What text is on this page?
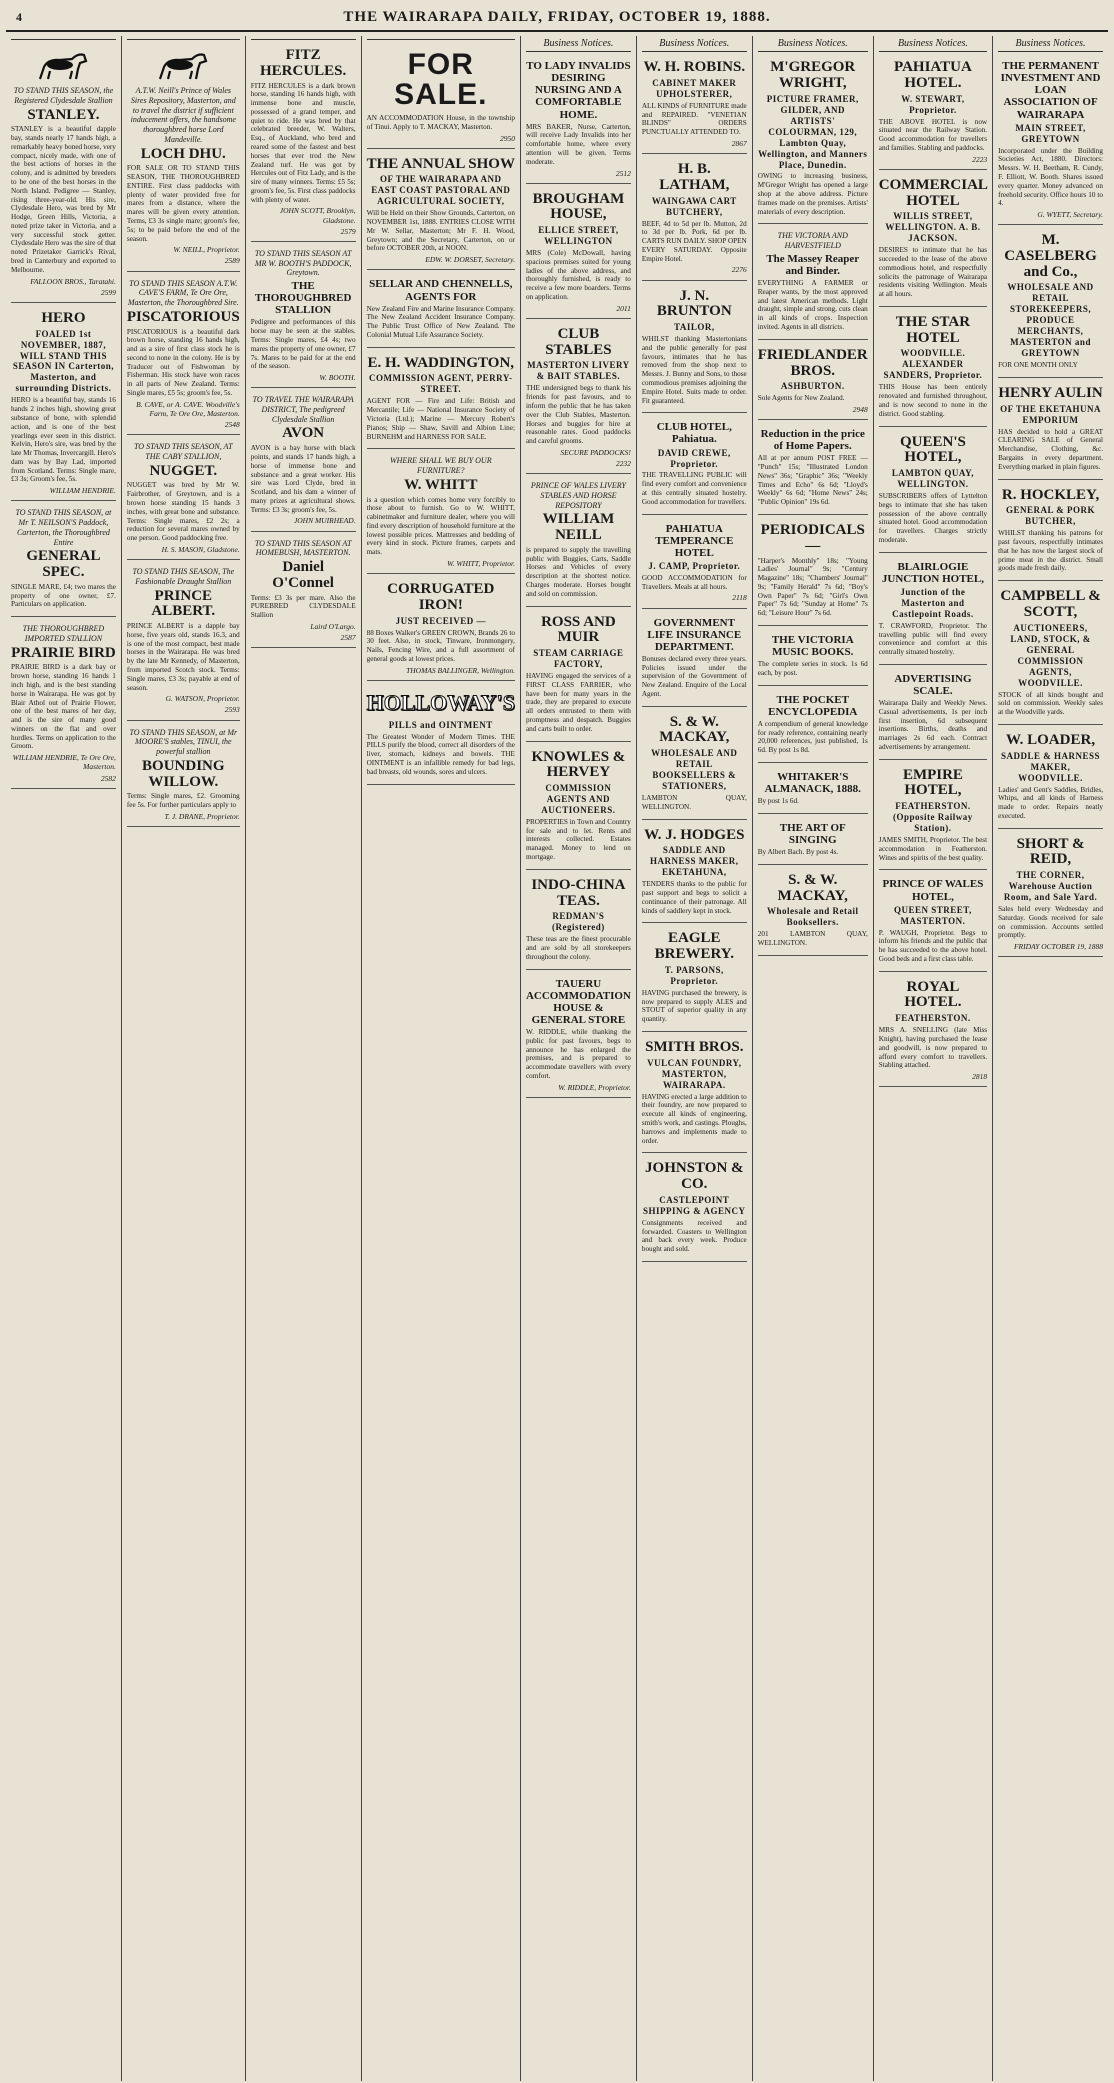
4	THE WAIRARAPA DAILY, FRIDAY, OCTOBER 19, 1888.
TO STAND THIS SEASON, the Registered Clydesdale Stallion
STANLEY.
STANLEY is a beautiful dapple bay, stands nearly 17 hands high, a remarkably heavy boned horse, very compact, nicely made, with one of the best actions of horses in the colony, and is admitted by breeders to be one of the best horses in the North Island. Pedigree — Stanley, rising three-year-old. His sire, Clydesdale Hero, was bred by Mr Hodge, Green Hills, Victoria, a noted prize taker in Victoria, and a very successful stock getter. Clydesdale Hero was the sire of that noted Prizetaker Garrick's Rival, bred in Canterbury and exported to Melbourne.
FALLOON BROS., Taratahi.
2599
HERO
FOALED 1st NOVEMBER, 1887, WILL STAND THIS SEASON IN Carterton, Masterton, and surrounding Districts.
HERO is a beautiful bay, stands 16 hands 2 inches high, showing great substance of bone, with splendid action, and is one of the best yearlings ever seen in this district. Kelvin, Hero's sire, was bred by the late Mr Thomas, Invercargill. Hero's dam was by Bay Lad, imported from Scotland. Terms: Single mare, £3 3s; Groom's fee, 5s.
WILLIAM HENDRIE.
TO STAND THIS SEASON, at Mr T. NEILSON'S Paddock, Carterton, the Thoroughbred Entire
GENERAL SPEC.
SINGLE MARE, £4; two mares the property of one owner, £7. Particulars on application.
THE THOROUGHBRED IMPORTED STALLION
PRAIRIE BIRD
PRAIRIE BIRD is a dark bay or brown horse, standing 16 hands 1 inch high, and is the best standing horse in Wairarapa. He was got by Blair Athol out of Prairie Flower, one of the best mares of her day, and is the sire of many good winners on the flat and over hurdles. Terms on application to the Groom.
WILLIAM HENDRIE, Te Ore Ore, Masterton.
2582
A.T.W. Neill's Prince of Wales Sires Repository, Masterton, and to travel the district if sufficient inducement offers, the handsome thoroughbred horse Lord Mandeville.
LOCH DHU.
FOR SALE OR TO STAND THIS SEASON, THE THOROUGHBRED ENTIRE. First class paddocks with plenty of water provided free for mares from a distance, where the mares will be given every attention. Terms, £3 3s single mare; groom's fee, 5s; to be paid before the end of the season.
W. NEILL, Proprietor.
2589
TO STAND THIS SEASON A.T.W. CAVE'S FARM, Te Ore Ore, Masterton, the Thoroughbred Sire.
PISCATORIOUS
PISCATORIOUS is a beautiful dark brown horse, standing 16 hands high, and as a sire of first class stock he is second to none in the colony. He is by Traducer out of Fishwoman by Fisherman. His stock have won races in all parts of New Zealand. Terms: Single mares, £5 5s; groom's fee, 5s.
B. CAVE, or A. CAVE. Woodville's Farm, Te Ore Ore, Masterton.
2548
TO STAND THIS SEASON, AT THE CABY STALLION,
NUGGET.
NUGGET was bred by Mr W. Fairbrother, of Greytown, and is a brown horse standing 15 hands 3 inches, with great bone and substance. Terms: Single mares, £2 2s; a reduction for several mares owned by one person. Good paddocking free.
H. S. MASON, Gladstone.
TO STAND THIS SEASON, The Fashionable Draught Stallion
PRINCE ALBERT.
PRINCE ALBERT is a dapple bay horse, five years old, stands 16.3, and is one of the most compact, best made horses in the Wairarapa. He was bred by the late Mr Kennedy, of Masterton, from imported Scotch stock. Terms: Single mares, £3 3s; payable at end of season.
G. WATSON, Proprietor.
2593
TO STAND THIS SEASON, at Mr MOORE'S stables, TINUI, the powerful stallion
BOUNDING WILLOW.
Terms: Single mares, £2. Grooming fee 5s. For further particulars apply to
T. J. DRANE, Proprietor.
FITZ HERCULES.
FITZ HERCULES is a dark brown horse, standing 16 hands high, with immense bone and muscle, possessed of a grand temper, and quiet to ride. He was bred by that celebrated breeder, W. Walters, Esq., of Auckland, who bred and reared some of the fastest and best horses that ever trod the New Zealand turf. He was got by Hercules out of Fitz Lady, and is the sire of many winners. Terms: £5 5s; groom's fee, 5s. First class paddocks with plenty of water.
JOHN SCOTT, Brooklyn, Gladstone.
2579
TO STAND THIS SEASON AT MR W. BOOTH'S PADDOCK, Greytown.
THE THOROUGHBRED STALLION
Pedigree and performances of this horse may be seen at the stables. Terms: Single mares, £4 4s; two mares the property of one owner, £7 7s. Mares to be paid for at the end of the season.
W. BOOTH.
TO TRAVEL THE WAIRARAPA DISTRICT, The pedigreed Clydesdale Stallion
AVON
AVON is a bay horse with black points, and stands 17 hands high, a horse of immense bone and substance and a great worker. His sire was Lord Clyde, bred in Scotland, and his dam a winner of many prizes at agricultural shows. Terms: £3 3s; groom's fee, 5s.
JOHN MUIRHEAD.
TO STAND THIS SEASON AT HOMEBUSH, MASTERTON.
Daniel O'Connel
Terms: £3 3s per mare. Also the PUREBRED CLYDESDALE Stallion
Laird O'Largo.
2587
FOR SALE.
AN ACCOMMODATION House, in the township of Tinui. Apply to T. MACKAY, Masterton.
2950
THE ANNUAL SHOW
OF THE WAIRARAPA AND EAST COAST PASTORAL AND AGRICULTURAL SOCIETY,
Will be Held on their Show Grounds, Carterton, on NOVEMBER 1st, 1888. ENTRIES CLOSE WITH Mr W. Sellar, Masterton; Mr F. H. Wood, Greytown; and the Secretary, Carterton, on or before OCTOBER 20th, at NOON.
EDW. W. DORSET, Secretary.
SELLAR AND CHENNELLS, AGENTS FOR
New Zealand Fire and Marine Insurance Company. The New Zealand Accident Insurance Company. The Public Trust Office of New Zealand. The Colonial Mutual Life Assurance Society.
E. H. WADDINGTON,
COMMISSION AGENT, PERRY-STREET.
AGENT FOR — Fire and Life: British and Mercantile; Life — National Insurance Society of Victoria (Ltd.); Marine — Mercury Robert's Pianos; Ship — Shaw, Savill and Albion Line; BURNEHM and HARNESS FOR SALE.
WHERE SHALL WE BUY OUR FURNITURE?
W. WHITT
is a question which comes home very forcibly to those about to furnish. Go to W. WHITT, cabinetmaker and furniture dealer, where you will find every description of household furniture at the lowest possible prices. Mattresses and bedding of every kind in stock. Picture frames, carpets and mats.
W. WHITT, Proprietor.
CORRUGATED IRON!
JUST RECEIVED —
88 Boxes Walker's GREEN CROWN, Brands 26 to 30 feet. Also, in stock, Tinware, Ironmongery, Nails, Fencing Wire, and a full assortment of general goods at lowest prices.
THOMAS BALLINGER, Wellington.
HOLLOWAY'S
PILLS and OINTMENT
The Greatest Wonder of Modern Times. THE PILLS purify the blood, correct all disorders of the liver, stomach, kidneys and bowels. THE OINTMENT is an infallible remedy for bad legs, bad breasts, old wounds, sores and ulcers.
Business Notices.
TO LADY INVALIDS DESIRING NURSING AND A COMFORTABLE HOME.
MRS BAKER, Nurse, Carterton, will receive Lady Invalids into her comfortable home, where every attention will be given. Terms moderate.
2512
BROUGHAM HOUSE,
ELLICE STREET, WELLINGTON
MRS (Cole) McDowall, having spacious premises suited for young ladies of the above address, and thoroughly furnished, is ready to receive a few more boarders. Terms on application.
2011
CLUB STABLES
MASTERTON LIVERY & BAIT STABLES.
THE undersigned begs to thank his friends for past favours, and to inform the public that he has taken over the Club Stables, Masterton. Horses and buggies for hire at reasonable rates. Good paddocks and careful grooms.
SECURE PADDOCKS!
2232
PRINCE OF WALES LIVERY STABLES AND HORSE REPOSITORY
WILLIAM NEILL
is prepared to supply the travelling public with Buggies, Carts, Saddle Horses and Vehicles of every description at the shortest notice. Charges moderate. Horses bought and sold on commission.
ROSS AND MUIR
STEAM CARRIAGE FACTORY,
HAVING engaged the services of a FIRST CLASS FARRIER, who have been for many years in the trade, they are prepared to execute all orders entrusted to them with promptness and despatch. Buggies and carts built to order.
KNOWLES & HERVEY
COMMISSION AGENTS AND AUCTIONEERS.
PROPERTIES in Town and Country for sale and to let. Rents and interests collected. Estates managed. Money to lend on mortgage.
INDO-CHINA TEAS.
REDMAN'S (Registered)
These teas are the finest procurable and are sold by all storekeepers throughout the colony.
TAUERU ACCOMMODATION HOUSE & GENERAL STORE
W. RIDDLE, while thanking the public for past favours, begs to announce he has enlarged the premises, and is prepared to accommodate travellers with every comfort.
W. RIDDLE, Proprietor.
Business Notices.
W. H. ROBINS.
CABINET MAKER UPHOLSTERER,
ALL KINDS of FURNITURE made and REPAIRED. "VENETIAN BLINDS" ORDERS PUNCTUALLY ATTENDED TO.
2867
H. B. LATHAM,
WAINGAWA CART BUTCHERY,
BEEF, 4d to 5d per lb. Mutton, 2d to 3d per lb. Pork, 6d per lb. CARTS RUN DAILY. SHOP OPEN EVERY SATURDAY. Opposite Empire Hotel.
2276
J. N. BRUNTON
TAILOR,
WHILST thanking Mastertonians and the public generally for past favours, intimates that he has removed from the shop next to Messrs. J. Bunny and Sons, to those commodious premises adjoining the Empire Hotel. Suits made to order. Fit guaranteed.
CLUB HOTEL, Pahiatua.
DAVID CREWE, Proprietor.
THE TRAVELLING PUBLIC will find every comfort and convenience at this centrally situated hostelry. Good accommodation for travellers.
PAHIATUA TEMPERANCE HOTEL
J. CAMP, Proprietor.
GOOD ACCOMMODATION for Travellers. Meals at all hours.
2118
GOVERNMENT LIFE INSURANCE DEPARTMENT.
Bonuses declared every three years. Policies issued under the supervision of the Government of New Zealand. Enquire of the Local Agent.
S. & W. MACKAY,
WHOLESALE AND RETAIL BOOKSELLERS & STATIONERS,
LAMBTON QUAY, WELLINGTON.
W. J. HODGES
SADDLE AND HARNESS MAKER, EKETAHUNA,
TENDERS thanks to the public for past support and begs to solicit a continuance of their patronage. All kinds of saddlery kept in stock.
EAGLE BREWERY.
T. PARSONS, Proprietor.
HAVING purchased the brewery, is now prepared to supply ALES and STOUT of superior quality in any quantity.
SMITH BROS.
VULCAN FOUNDRY, MASTERTON, WAIRARAPA.
HAVING erected a large addition to their foundry, are now prepared to execute all kinds of engineering, smith's work, and castings. Ploughs, harrows and implements made to order.
JOHNSTON & CO.
CASTLEPOINT SHIPPING & AGENCY
Consignments received and forwarded. Coasters to Wellington and back every week. Produce bought and sold.
Business Notices.
M'GREGOR WRIGHT,
PICTURE FRAMER, GILDER, AND ARTISTS' COLOURMAN, 129, Lambton Quay, Wellington, and Manners Place, Dunedin.
OWING to increasing business, M'Gregor Wright has opened a large shop at the above address. Picture frames made on the premises. Artists' materials of every description.
THE VICTORIA AND HARVESTFIELD
The Massey Reaper and Binder.
EVERYTHING A FARMER or Reaper wants, by the most approved and latest American methods. Light draught, simple and strong, cuts clean in all kinds of crops. Inspection invited. Agents in all districts.
FRIEDLANDER BROS.
ASHBURTON.
Sole Agents for New Zealand.
2948
Reduction in the price of Home Papers.
All at per annum POST FREE — "Punch" 15s; "Illustrated London News" 36s; "Graphic" 36s; "Weekly Times and Echo" 6s 6d; "Lloyd's Weekly" 6s 6d; "Home News" 24s; "Public Opinion" 19s 6d.
PERIODICALS —
"Harper's Monthly" 18s; "Young Ladies' Journal" 9s; "Century Magazine" 18s; "Chambers' Journal" 9s; "Family Herald" 7s 6d; "Boy's Own Paper" 7s 6d; "Girl's Own Paper" 7s 6d; "Sunday at Home" 7s 6d; "Leisure Hour" 7s 6d.
THE VICTORIA MUSIC BOOKS.
The complete series in stock. 1s 6d each, by post.
THE POCKET ENCYCLOPEDIA
A compendium of general knowledge for ready reference, containing nearly 20,000 references, just published, 1s 6d. By post 1s 8d.
WHITAKER'S ALMANACK, 1888.
By post 1s 6d.
THE ART OF SINGING
By Albert Bach. By post 4s.
S. & W. MACKAY,
Wholesale and Retail Booksellers.
201 LAMBTON QUAY, WELLINGTON.
Business Notices.
PAHIATUA HOTEL.
W. STEWART, Proprietor.
THE ABOVE HOTEL is now situated near the Railway Station. Good accommodation for travellers and families. Stabling and paddocks.
2223
COMMERCIAL HOTEL
WILLIS STREET, WELLINGTON. A. B. JACKSON.
DESIRES to intimate that he has succeeded to the lease of the above commodious hotel, and respectfully solicits the patronage of Wairarapa residents visiting Wellington. Meals at all hours.
THE STAR HOTEL
WOODVILLE. ALEXANDER SANDERS, Proprietor.
THIS House has been entirely renovated and furnished throughout, and is now second to none in the district. Good stabling.
QUEEN'S HOTEL,
LAMBTON QUAY, WELLINGTON.
SUBSCRIBERS offers of Lyttelton begs to intimate that she has taken possession of the above centrally situated hotel. Good accommodation for travellers. Charges strictly moderate.
BLAIRLOGIE JUNCTION HOTEL,
Junction of the Masterton and Castlepoint Roads.
T. CRAWFORD, Proprietor. The travelling public will find every convenience and comfort at this centrally situated hostelry.
ADVERTISING SCALE.
Wairarapa Daily and Weekly News. Casual advertisements, 1s per inch first insertion, 6d subsequent insertions. Births, deaths and marriages 2s 6d each. Contract advertisements by arrangement.
EMPIRE HOTEL,
FEATHERSTON. (Opposite Railway Station).
JAMES SMITH, Proprietor. The best accommodation in Featherston. Wines and spirits of the best quality.
PRINCE OF WALES HOTEL,
QUEEN STREET, MASTERTON.
P. WAUGH, Proprietor. Begs to inform his friends and the public that he has succeeded to the above hotel. Good beds and a first class table.
ROYAL HOTEL.
FEATHERSTON.
MRS A. SNELLING (late Miss Knight), having purchased the lease and goodwill, is now prepared to afford every comfort to travellers. Stabling attached.
2818
Business Notices.
THE PERMANENT INVESTMENT AND LOAN ASSOCIATION OF WAIRARAPA
MAIN STREET, GREYTOWN
Incorporated under the Building Societies Act, 1880. Directors: Messrs. W. H. Beetham, R. Cundy, F. Elliott, W. Booth. Shares issued every quarter. Money advanced on freehold security. Office hours 10 to 4.
G. WYETT, Secretary.
M. CASELBERG and Co.,
WHOLESALE AND RETAIL STOREKEEPERS, PRODUCE MERCHANTS, MASTERTON and GREYTOWN
FOR ONE MONTH ONLY
HENRY AULIN
OF THE EKETAHUNA EMPORIUM
HAS decided to hold a GREAT CLEARING SALE of General Merchandise, Clothing, &c. Bargains in every department. Everything marked in plain figures.
R. HOCKLEY,
GENERAL & PORK BUTCHER,
WHILST thanking his patrons for past favours, respectfully intimates that he has now the largest stock of prime meat in the district. Small goods made fresh daily.
CAMPBELL & SCOTT,
AUCTIONEERS, LAND, STOCK, & GENERAL COMMISSION AGENTS, WOODVILLE.
STOCK of all kinds bought and sold on commission. Weekly sales at the Woodville yards.
W. LOADER,
SADDLE & HARNESS MAKER, WOODVILLE.
Ladies' and Gent's Saddles, Bridles, Whips, and all kinds of Harness made to order. Repairs neatly executed.
SHORT & REID,
THE CORNER, Warehouse Auction Room, and Sale Yard.
Sales held every Wednesday and Saturday. Goods received for sale on commission. Accounts settled promptly.
FRIDAY OCTOBER 19, 1888
